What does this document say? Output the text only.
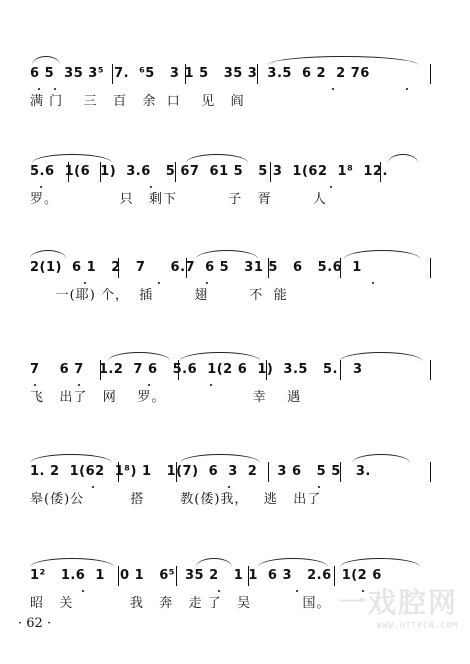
6 5  35 3⁵  7.  ⁶5   3 1 5   35 3  3.5  6 2  2 76
满 门    三   百   余  口    见   阎
5.6  1(6  1)  3.6   5 67  61 5   5 3  1(62  1⁸  12.
罗。            只   剩下          子   胥        人
2(1)  6 1   2   7     6.7  6 5   31 5   6   5.6  1
一(耶) 个，  插        翅        不  能
7    6 7   1.2  7 6   5.6  1(2 6  1)  3.5   5.   3
飞   出了   网    罗。                 幸    遇
1. 2  1(62  1⁸) 1   1(7)  6  3  2    3 6   5 5   3.
皋(倭)公         搭       教(倭)我，   逃   出了
1²   1.6  1   0 1   6⁵  35 2   1 1  6 3   2.6  1(2 6
昭   关           我   奔   走 了   吴          国。
· 62 ·
一戏腔网
WWW.HTTPCN.COM
